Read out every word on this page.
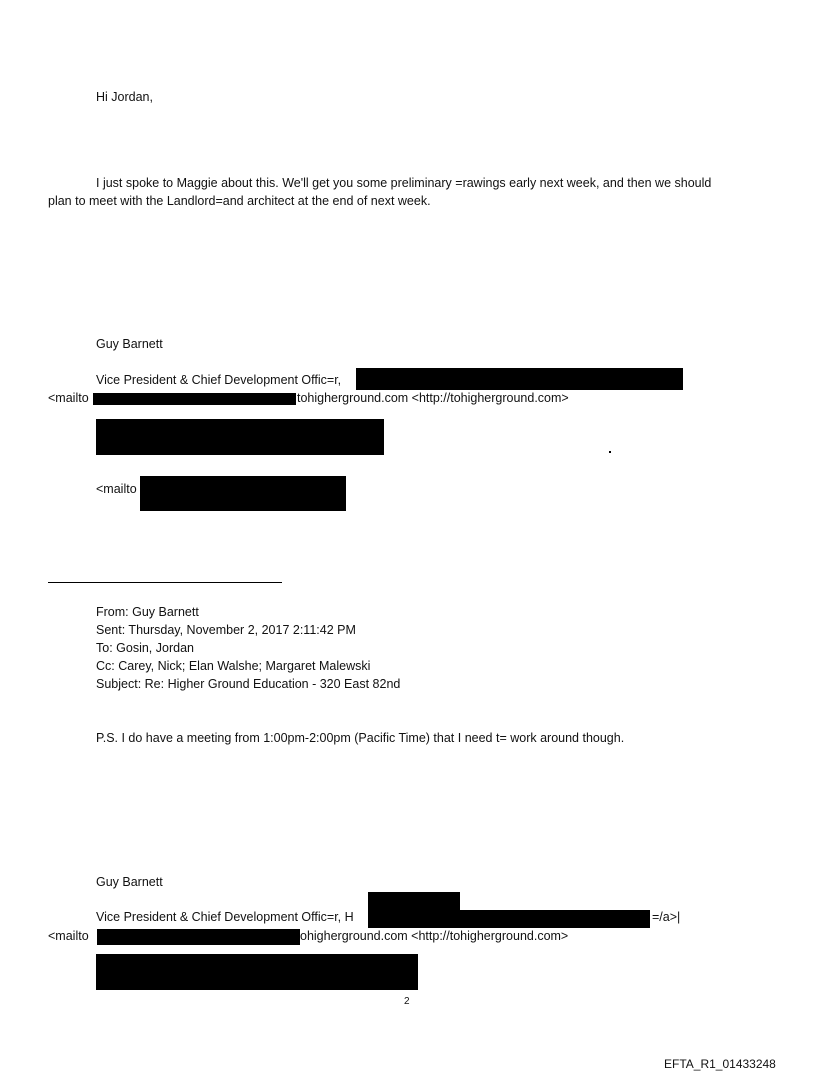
Hi Jordan,
I just spoke to Maggie about this. We'll get you some preliminary =rawings early next week, and then we should
plan to meet with the Landlord=and architect at the end of next week.
Guy Barnett
Vice President & Chief Development Offic=r,
<mailto	tohigherground.com <http://tohigherground.com>
<mailto
From: Guy Barnett
Sent: Thursday, November 2, 2017 2:11:42 PM
To: Gosin, Jordan
Cc: Carey, Nick; Elan Walshe; Margaret Malewski
Subject: Re: Higher Ground Education - 320 East 82nd
P.S. I do have a meeting from 1:00pm-2:00pm (Pacific Time) that I need t= work around though.
Guy Barnett
Vice President & Chief Development Offic=r, H	=/a>|
<mailto	ohigherground.com <http://tohigherground.com>
2
EFTA_R1_01433248
